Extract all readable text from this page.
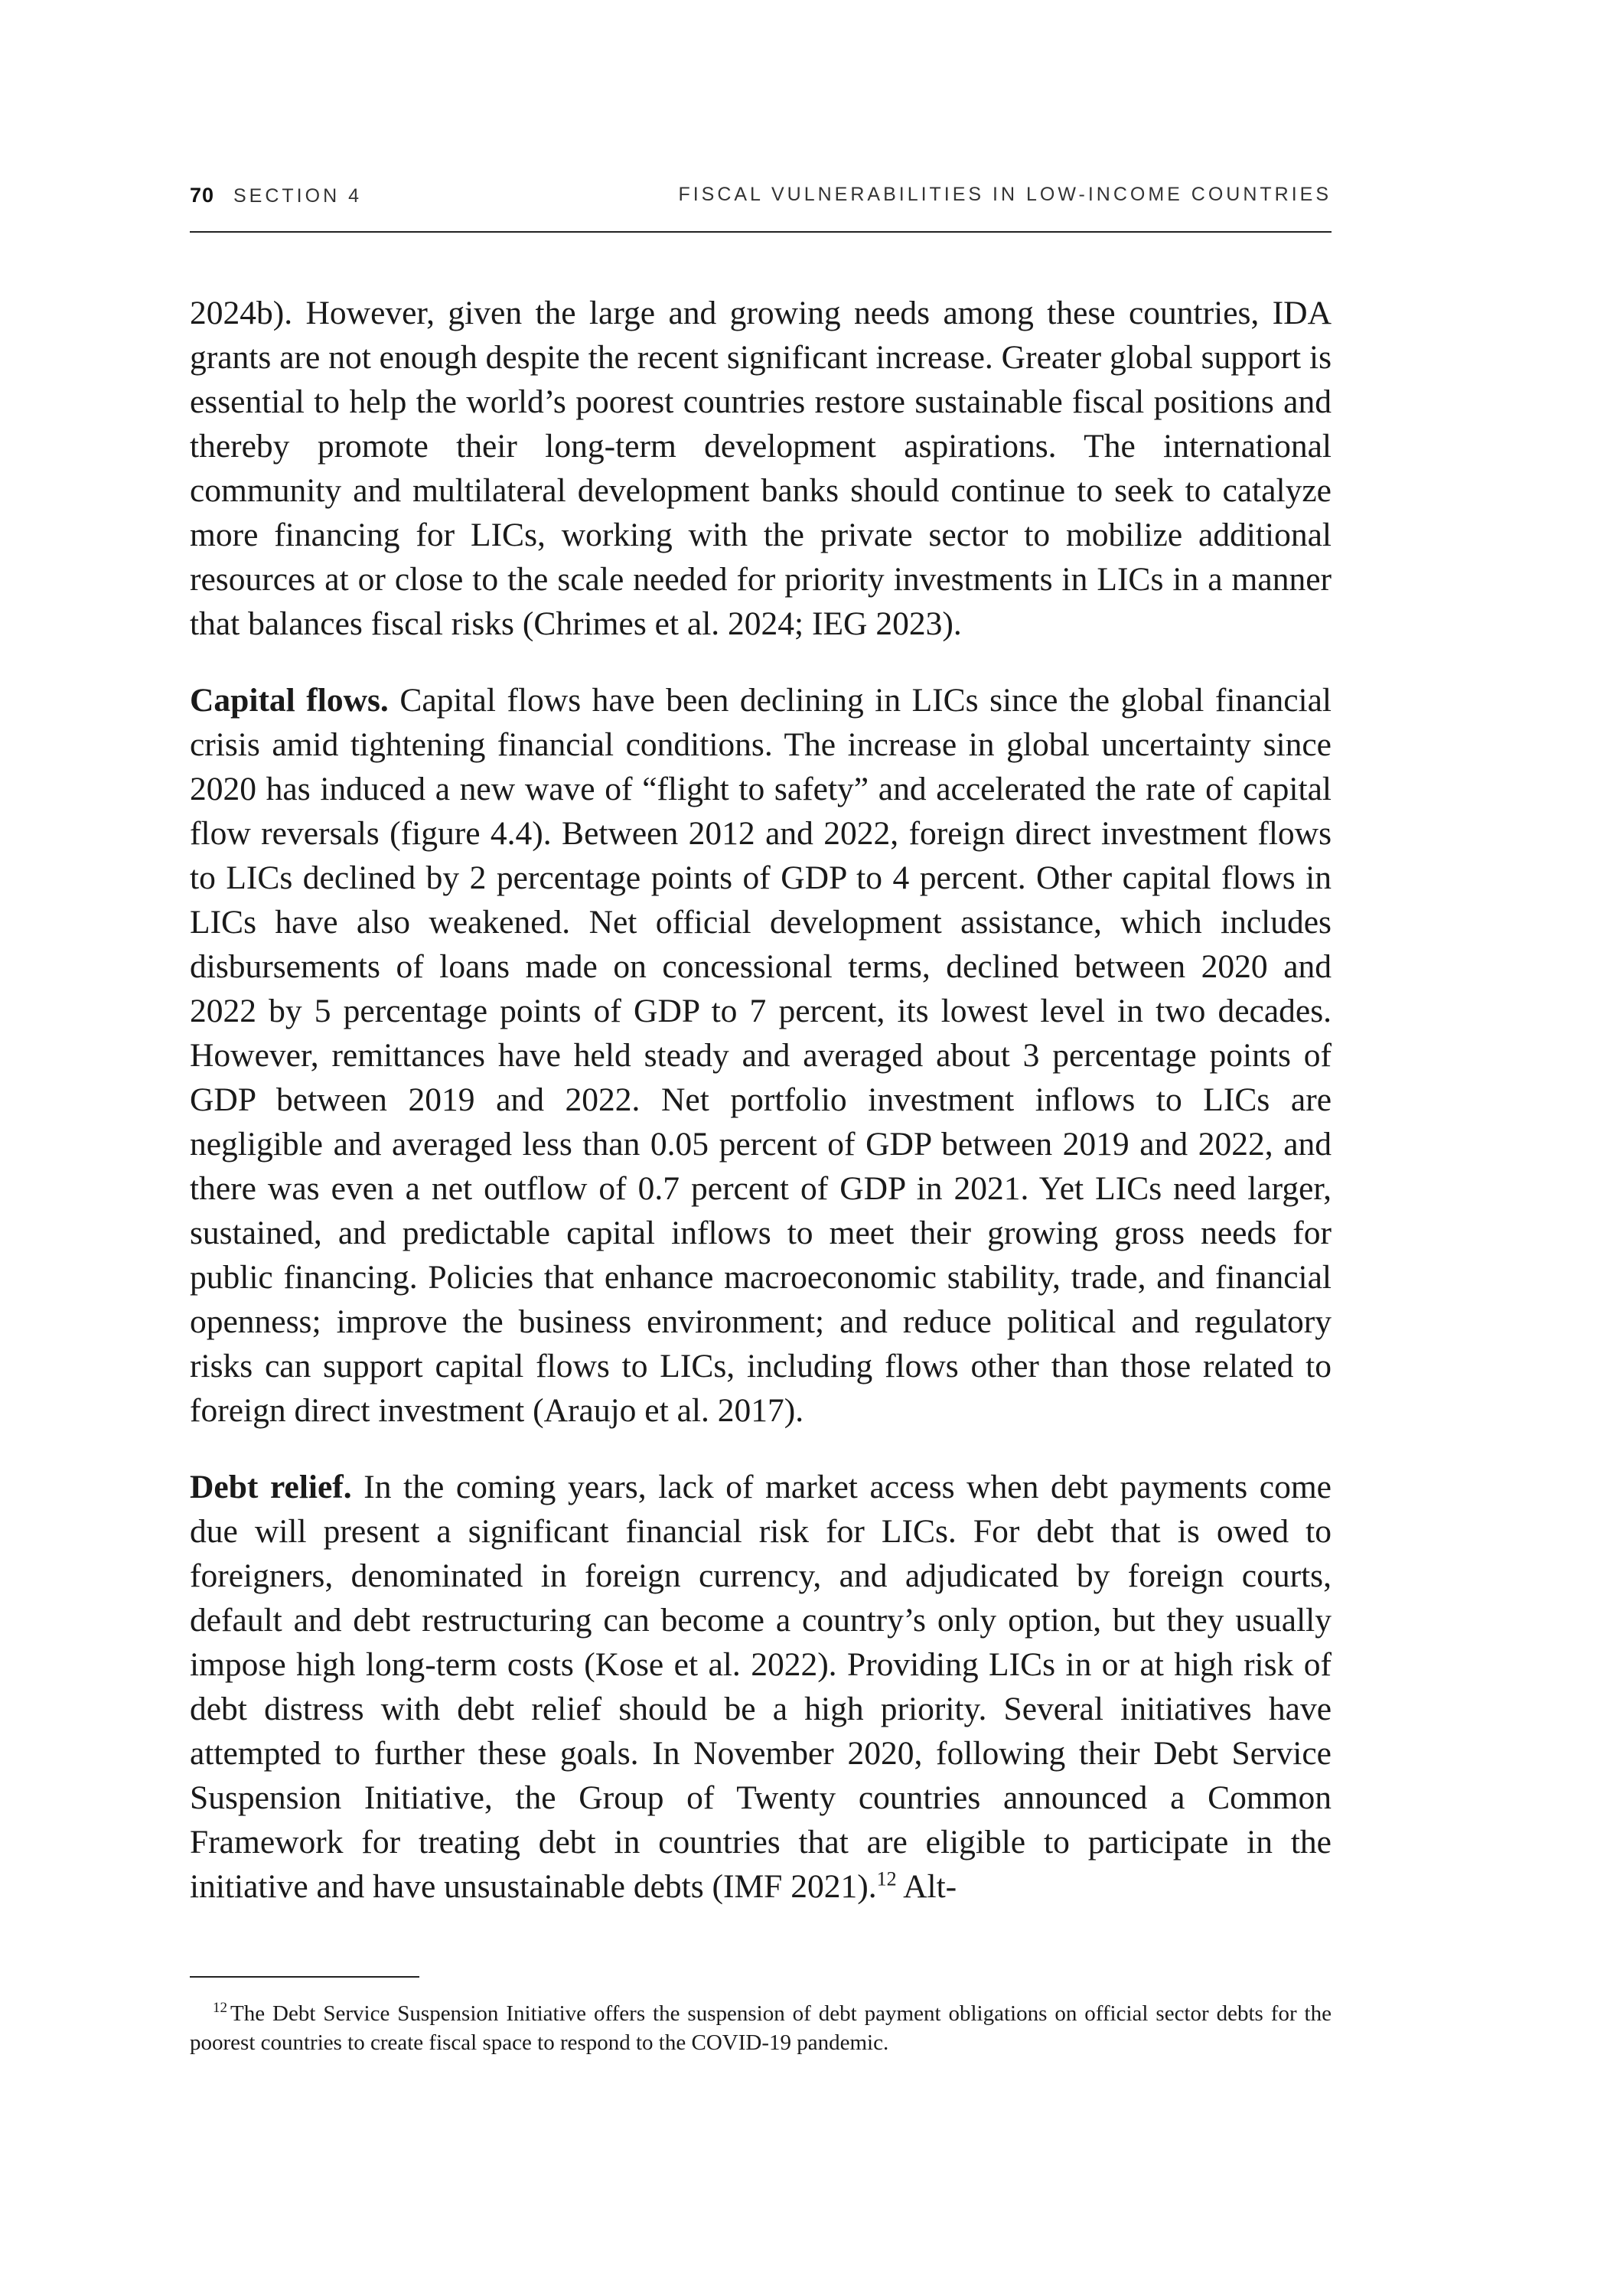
70 SECTION 4	FISCAL VULNERABILITIES IN LOW-INCOME COUNTRIES

2024b). However, given the large and growing needs among these countries, IDA grants are not enough despite the recent significant increase. Greater global support is essential to help the world’s poorest countries restore sustainable fiscal positions and thereby promote their long-term development aspirations. The international community and multilateral development banks should continue to seek to catalyze more financing for LICs, working with the private sector to mobilize additional resources at or close to the scale needed for priority investments in LICs in a manner that balances fiscal risks (Chrimes et al. 2024; IEG 2023).

Capital flows. Capital flows have been declining in LICs since the global financial crisis amid tightening financial conditions. The increase in global uncertainty since 2020 has induced a new wave of “flight to safety” and accelerated the rate of capital flow reversals (figure 4.4). Between 2012 and 2022, foreign direct investment flows to LICs declined by 2 percentage points of GDP to 4 percent. Other capital flows in LICs have also weakened. Net official development assistance, which includes disbursements of loans made on concessional terms, declined between 2020 and 2022 by 5 percentage points of GDP to 7 percent, its lowest level in two decades. However, remittances have held steady and averaged about 3 percentage points of GDP between 2019 and 2022. Net portfolio investment inflows to LICs are negligible and averaged less than 0.05 percent of GDP between 2019 and 2022, and there was even a net outflow of 0.7 percent of GDP in 2021. Yet LICs need larger, sustained, and predictable capital inflows to meet their growing gross needs for public financing. Policies that enhance macroeconomic stability, trade, and financial openness; improve the business environment; and reduce political and regulatory risks can support capital flows to LICs, including flows other than those related to foreign direct investment (Araujo et al. 2017).

Debt relief. In the coming years, lack of market access when debt payments come due will present a significant financial risk for LICs. For debt that is owed to foreigners, denominated in foreign currency, and adjudicated by foreign courts, default and debt restructuring can become a country’s only option, but they usually impose high long-term costs (Kose et al. 2022). Providing LICs in or at high risk of debt distress with debt relief should be a high priority. Several initiatives have attempted to further these goals. In November 2020, following their Debt Service Suspension Initiative, the Group of Twenty countries announced a Common Framework for treating debt in countries that are eligible to participate in the initiative and have unsustainable debts (IMF 2021).$^{12}$ Alt-

$^{12}$ The Debt Service Suspension Initiative offers the suspension of debt payment obligations on official sector debts for the poorest countries to create fiscal space to respond to the COVID-19 pandemic.
